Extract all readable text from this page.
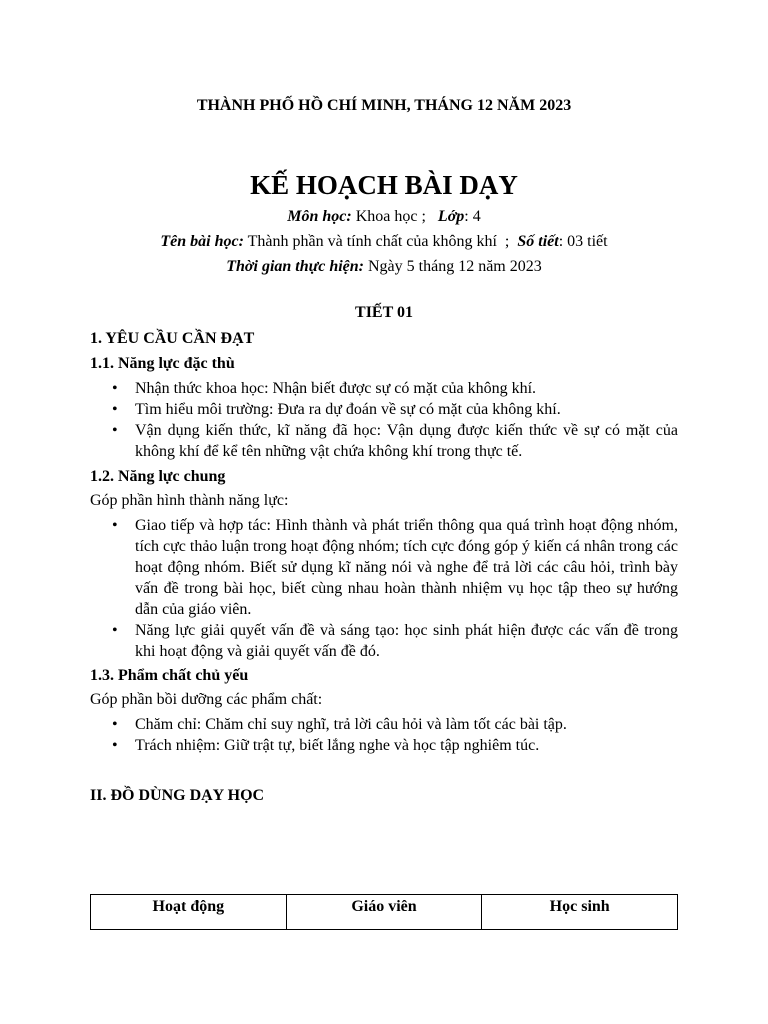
THÀNH PHỐ HỒ CHÍ MINH, THÁNG 12 NĂM 2023
KẾ HOẠCH BÀI DẠY
Môn học: Khoa học ;   Lớp: 4
Tên bài học: Thành phần và tính chất của không khí  ;  Số tiết: 03 tiết
Thời gian thực hiện: Ngày 5 tháng 12 năm 2023
TIẾT 01
1. YÊU CẦU CẦN ĐẠT
1.1. Năng lực đặc thù
• Nhận thức khoa học: Nhận biết được sự có mặt của không khí.
• Tìm hiểu môi trường: Đưa ra dự đoán về sự có mặt của không khí.
• Vận dụng kiến thức, kĩ năng đã học: Vận dụng được kiến thức về sự có mặt của không khí để kể tên những vật chứa không khí trong thực tế.
1.2. Năng lực chung
Góp phần hình thành năng lực:
• Giao tiếp và hợp tác: Hình thành và phát triển thông qua quá trình hoạt động nhóm, tích cực thảo luận trong hoạt động nhóm; tích cực đóng góp ý kiến cá nhân trong các hoạt động nhóm. Biết sử dụng kĩ năng nói và nghe để trả lời các câu hỏi, trình bày vấn đề trong bài học, biết cùng nhau hoàn thành nhiệm vụ học tập theo sự hướng dẫn của giáo viên.
• Năng lực giải quyết vấn đề và sáng tạo: học sinh phát hiện được các vấn đề trong khi hoạt động và giải quyết vấn đề đó.
1.3. Phẩm chất chủ yếu
Góp phần bồi dưỡng các phẩm chất:
• Chăm chỉ: Chăm chỉ suy nghĩ, trả lời câu hỏi và làm tốt các bài tập.
• Trách nhiệm: Giữ trật tự, biết lắng nghe và học tập nghiêm túc.
II. ĐỒ DÙNG DẠY HỌC
Hoạt động	Giáo viên	Học sinh
